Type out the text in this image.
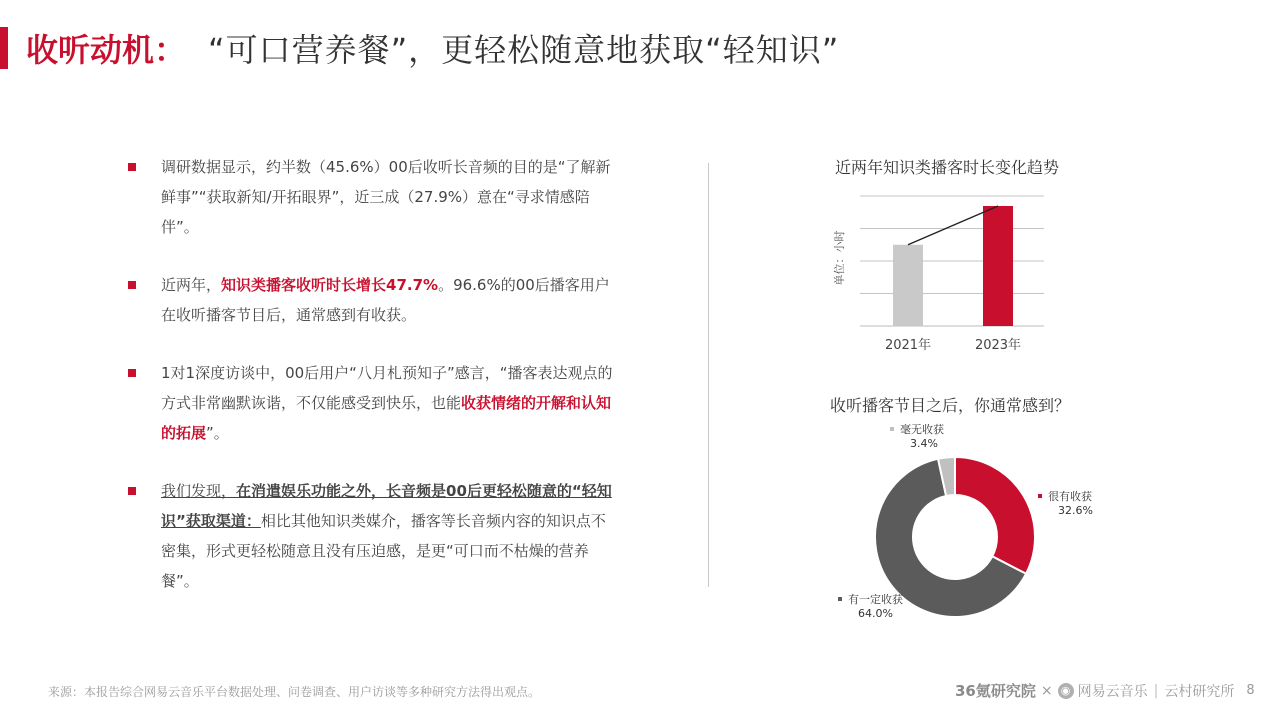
收听动机： “可口营养餐”，更轻松随意地获取“轻知识”
调研数据显示，约半数（45.6%）00后收听长音频的目的是“了解新鲜事”“获取新知/开拓眼界”，近三成（27.9%）意在“寻求情感陪伴”。
近两年，知识类播客收听时长增长47.7%。96.6%的00后播客用户在收听播客节目后，通常感到有收获。
1对1深度访谈中，00后用户“八月札预知子”感言，“播客表达观点的方式非常幽默诙谐，不仅能感受到快乐，也能收获情绪的开解和认知的拓展”。
我们发现，在消遣娱乐功能之外，长音频是00后更轻松随意的“轻知识”获取渠道：相比其他知识类媒介，播客等长音频内容的知识点不密集，形式更轻松随意且没有压迫感，是更“可口而不枯燥的营养餐”。
近两年知识类播客时长变化趋势
单位：小时
2021年	2023年
收听播客节目之后，你通常感到？
很有收获
32.6%
有一定收获
64.0%
毫无收获
3.4%
来源：本报告综合网易云音乐平台数据处理、问卷调查、用户访谈等多种研究方法得出观点。	36氪研究院 × ◉ 网易云音乐 | 云村研究所 8
